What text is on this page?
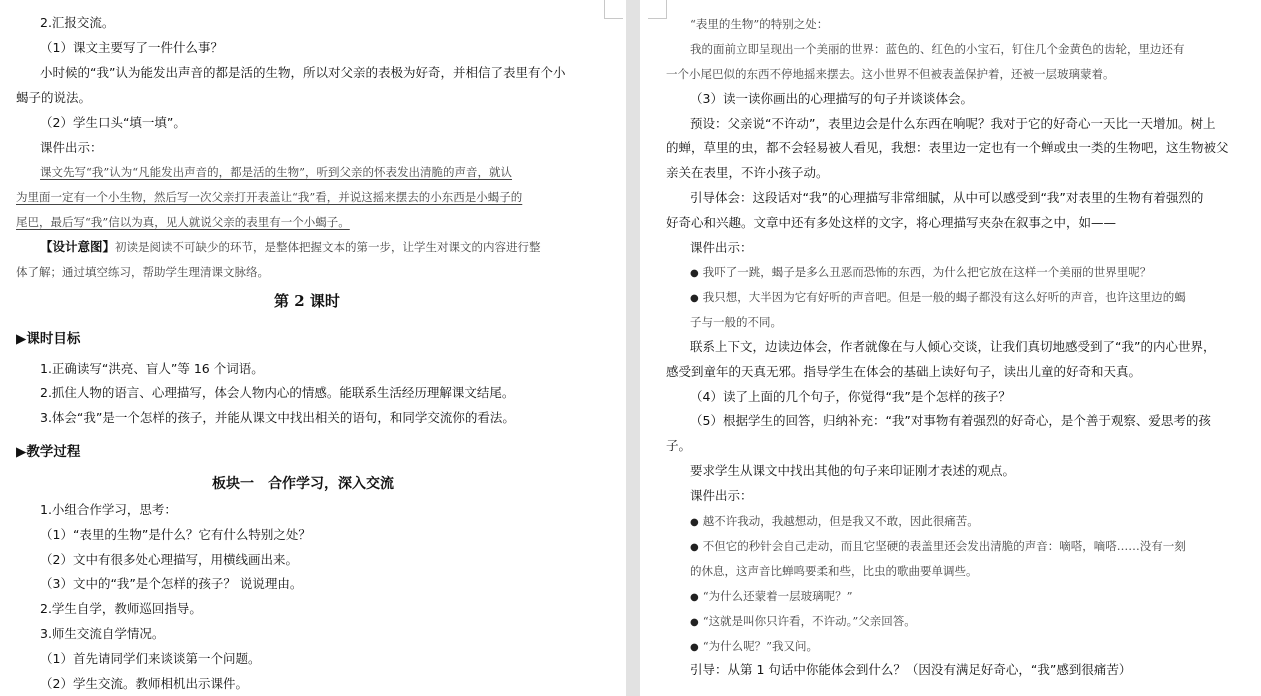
2.汇报交流。
（1）课文主要写了一件什么事？
小时候的“我”认为能发出声音的都是活的生物，所以对父亲的表极为好奇，并相信了表里有个小
蝎子的说法。
（2）学生口头“填一填”。
课件出示：
课文先写“我”认为“凡能发出声音的，都是活的生物”，听到父亲的怀表发出清脆的声音，就认
为里面一定有一个小生物，然后写一次父亲打开表盖让“我”看，并说这摇来摆去的小东西是小蝎子的
尾巴，最后写“我”信以为真，见人就说父亲的表里有一个小蝎子。
【设计意图】初读是阅读不可缺少的环节，是整体把握文本的第一步，让学生对课文的内容进行整
体了解；通过填空练习，帮助学生理清课文脉络。
第 2 课时
▶课时目标
1.正确读写“洪亮、盲人”等 16 个词语。
2.抓住人物的语言、心理描写，体会人物内心的情感。能联系生活经历理解课文结尾。
3.体会“我”是一个怎样的孩子，并能从课文中找出相关的语句，和同学交流你的看法。
▶教学过程
板块一　合作学习，深入交流
1.小组合作学习，思考：
（1）“表里的生物”是什么？它有什么特别之处？
（2）文中有很多处心理描写，用横线画出来。
（3）文中的“我”是个怎样的孩子？ 说说理由。
2.学生自学，教师巡回指导。
3.师生交流自学情况。
（1）首先请同学们来谈谈第一个问题。
（2）学生交流。教师相机出示课件。
“表里的生物”的特别之处：
我的面前立即呈现出一个美丽的世界：蓝色的、红色的小宝石，钉住几个金黄色的齿轮，里边还有
一个小尾巴似的东西不停地摇来摆去。这小世界不但被表盖保护着，还被一层玻璃蒙着。
（3）读一读你画出的心理描写的句子并谈谈体会。
预设：父亲说“不许动”，表里边会是什么东西在响呢？我对于它的好奇心一天比一天增加。树上
的蝉，草里的虫，都不会轻易被人看见，我想：表里边一定也有一个蝉或虫一类的生物吧，这生物被父
亲关在表里，不许小孩子动。
引导体会：这段话对“我”的心理描写非常细腻，从中可以感受到“我”对表里的生物有着强烈的
好奇心和兴趣。文章中还有多处这样的文字，将心理描写夹杂在叙事之中，如——
课件出示：
● 我吓了一跳，蝎子是多么丑恶而恐怖的东西，为什么把它放在这样一个美丽的世界里呢？
● 我只想，大半因为它有好听的声音吧。但是一般的蝎子都没有这么好听的声音，也许这里边的蝎
子与一般的不同。
联系上下文，边读边体会，作者就像在与人倾心交谈，让我们真切地感受到了“我”的内心世界，
感受到童年的天真无邪。指导学生在体会的基础上读好句子，读出儿童的好奇和天真。
（4）读了上面的几个句子，你觉得“我”是个怎样的孩子？
（5）根据学生的回答，归纳补充：“我”对事物有着强烈的好奇心，是个善于观察、爱思考的孩
子。
要求学生从课文中找出其他的句子来印证刚才表述的观点。
课件出示：
● 越不许我动，我越想动，但是我又不敢，因此很痛苦。
● 不但它的秒针会自己走动，而且它坚硬的表盖里还会发出清脆的声音：嘀嗒，嘀嗒……没有一刻
的休息，这声音比蝉鸣要柔和些，比虫的歌曲要单调些。
● “为什么还蒙着一层玻璃呢？”
● “这就是叫你只许看，不许动。”父亲回答。
● “为什么呢？”我又问。
引导：从第 1 句话中你能体会到什么？（因没有满足好奇心，“我”感到很痛苦）
